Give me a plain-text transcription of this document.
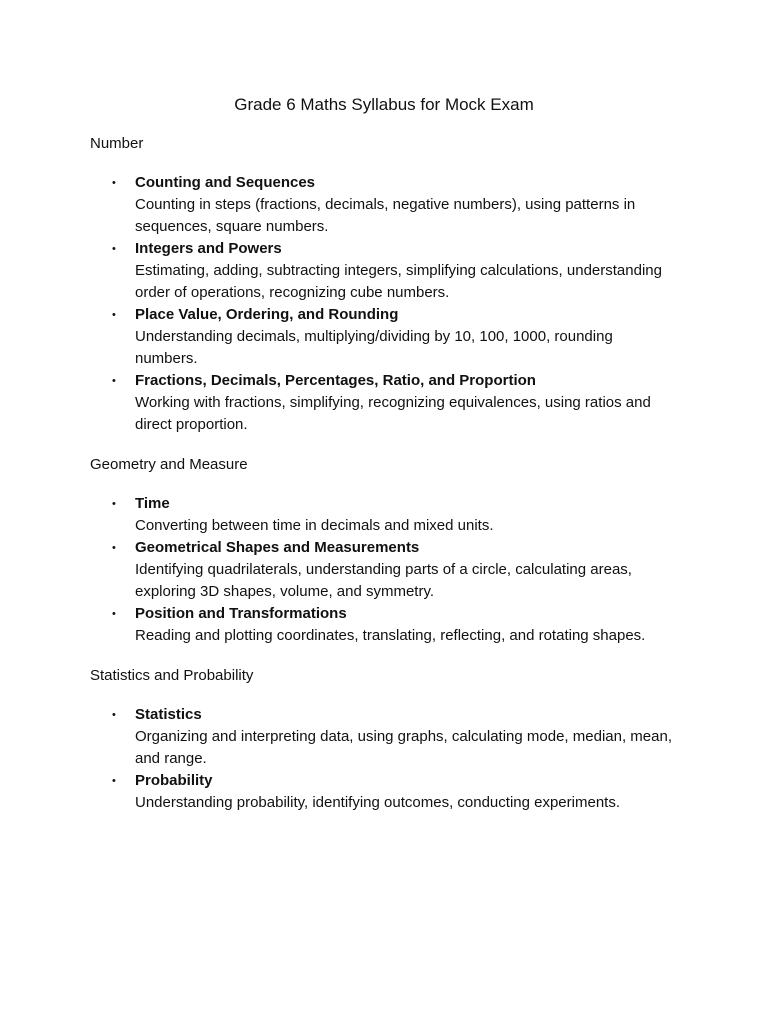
Grade 6 Maths Syllabus for Mock Exam
Number
• Counting and Sequences
Counting in steps (fractions, decimals, negative numbers), using patterns in sequences, square numbers.
• Integers and Powers
Estimating, adding, subtracting integers, simplifying calculations, understanding order of operations, recognizing cube numbers.
• Place Value, Ordering, and Rounding
Understanding decimals, multiplying/dividing by 10, 100, 1000, rounding numbers.
• Fractions, Decimals, Percentages, Ratio, and Proportion
Working with fractions, simplifying, recognizing equivalences, using ratios and direct proportion.
Geometry and Measure
• Time
Converting between time in decimals and mixed units.
• Geometrical Shapes and Measurements
Identifying quadrilaterals, understanding parts of a circle, calculating areas, exploring 3D shapes, volume, and symmetry.
• Position and Transformations
Reading and plotting coordinates, translating, reflecting, and rotating shapes.
Statistics and Probability
• Statistics
Organizing and interpreting data, using graphs, calculating mode, median, mean, and range.
• Probability
Understanding probability, identifying outcomes, conducting experiments.
